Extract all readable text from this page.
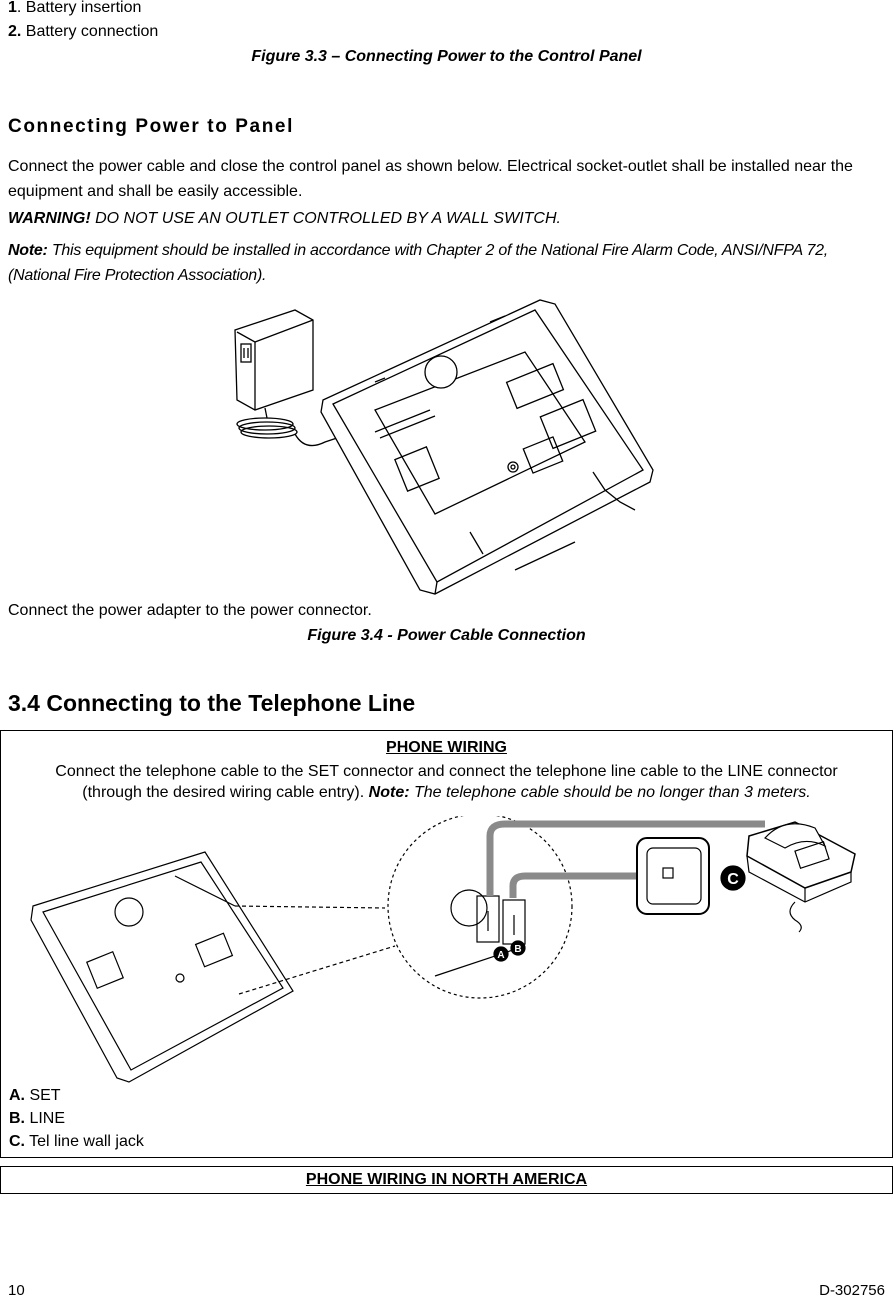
1. Battery insertion
2. Battery connection
Figure 3.3 – Connecting Power to the Control Panel
Connecting Power to Panel
Connect the power cable and close the control panel as shown below. Electrical socket-outlet shall be installed near the equipment and shall be easily accessible.
WARNING! DO NOT USE AN OUTLET CONTROLLED BY A WALL SWITCH.
Note: This equipment should be installed in accordance with Chapter 2 of the National Fire Alarm Code, ANSI/NFPA 72, (National Fire Protection Association).
Connect the power adapter to the power connector.
Figure 3.4 - Power Cable Connection
3.4 Connecting to the Telephone Line
PHONE WIRING
Connect the telephone cable to the SET connector and connect the telephone line cable to the LINE connector
(through the desired wiring cable entry). Note: The telephone cable should be no longer than 3 meters.
A
B
C
A. SET
B. LINE
C. Tel line wall jack
PHONE WIRING IN NORTH AMERICA
10	D-302756
